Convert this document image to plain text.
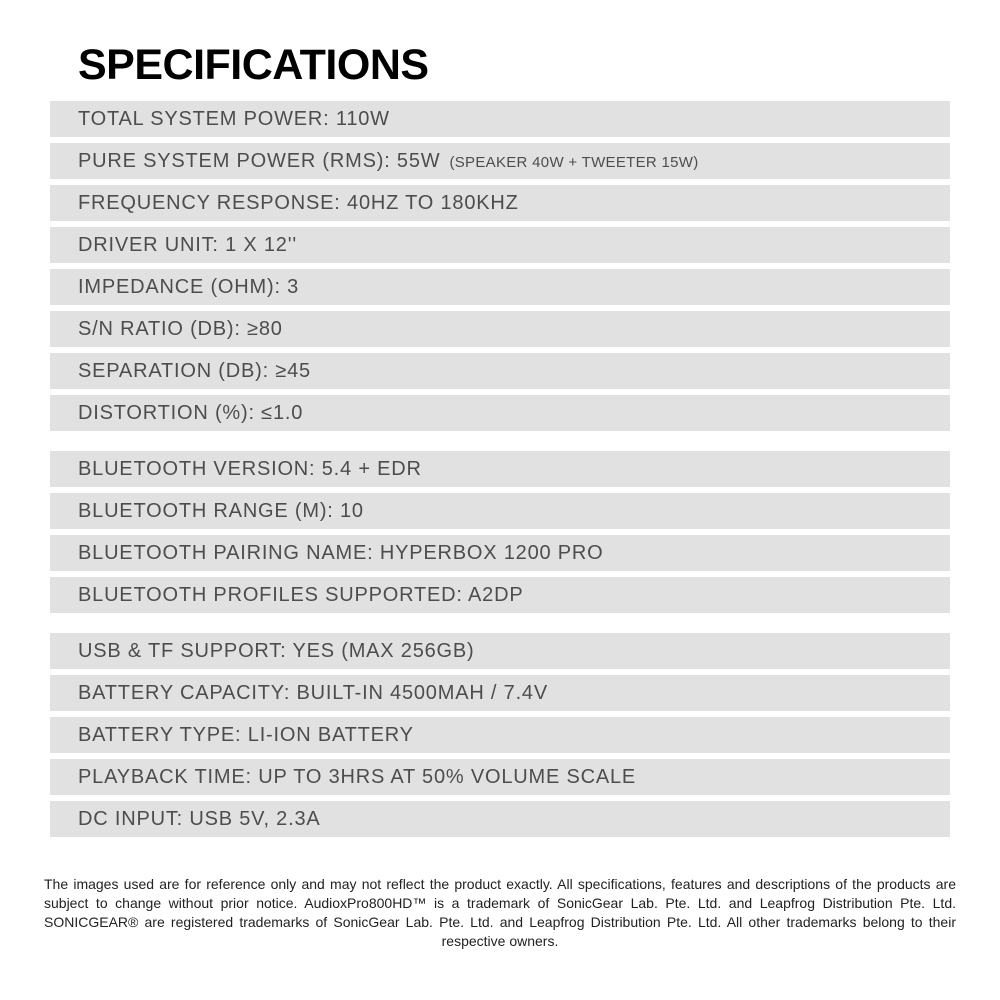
SPECIFICATIONS
TOTAL SYSTEM POWER: 110W
PURE SYSTEM POWER (RMS): 55W (SPEAKER 40W + TWEETER 15W)
FREQUENCY RESPONSE: 40HZ TO 180KHZ
DRIVER UNIT: 1 X 12''
IMPEDANCE (OHM): 3
S/N RATIO (DB): ≥80
SEPARATION (DB): ≥45
DISTORTION (%): ≤1.0
BLUETOOTH VERSION: 5.4 + EDR
BLUETOOTH RANGE (M): 10
BLUETOOTH PAIRING NAME: HYPERBOX 1200 PRO
BLUETOOTH PROFILES SUPPORTED: A2DP
USB & TF SUPPORT: YES (MAX 256GB)
BATTERY CAPACITY: BUILT-IN 4500MAH / 7.4V
BATTERY TYPE: LI-ION BATTERY
PLAYBACK TIME: UP TO 3HRS AT 50% VOLUME SCALE
DC INPUT: USB 5V, 2.3A

The images used are for reference only and may not reflect the product exactly. All specifications, features and descriptions of the products are subject to change without prior notice. AudioxPro800HD™ is a trademark of SonicGear Lab. Pte. Ltd. and Leapfrog Distribution Pte. Ltd. SONICGEAR® are registered trademarks of SonicGear Lab. Pte. Ltd. and Leapfrog Distribution Pte. Ltd. All other trademarks belong to their respective owners.
